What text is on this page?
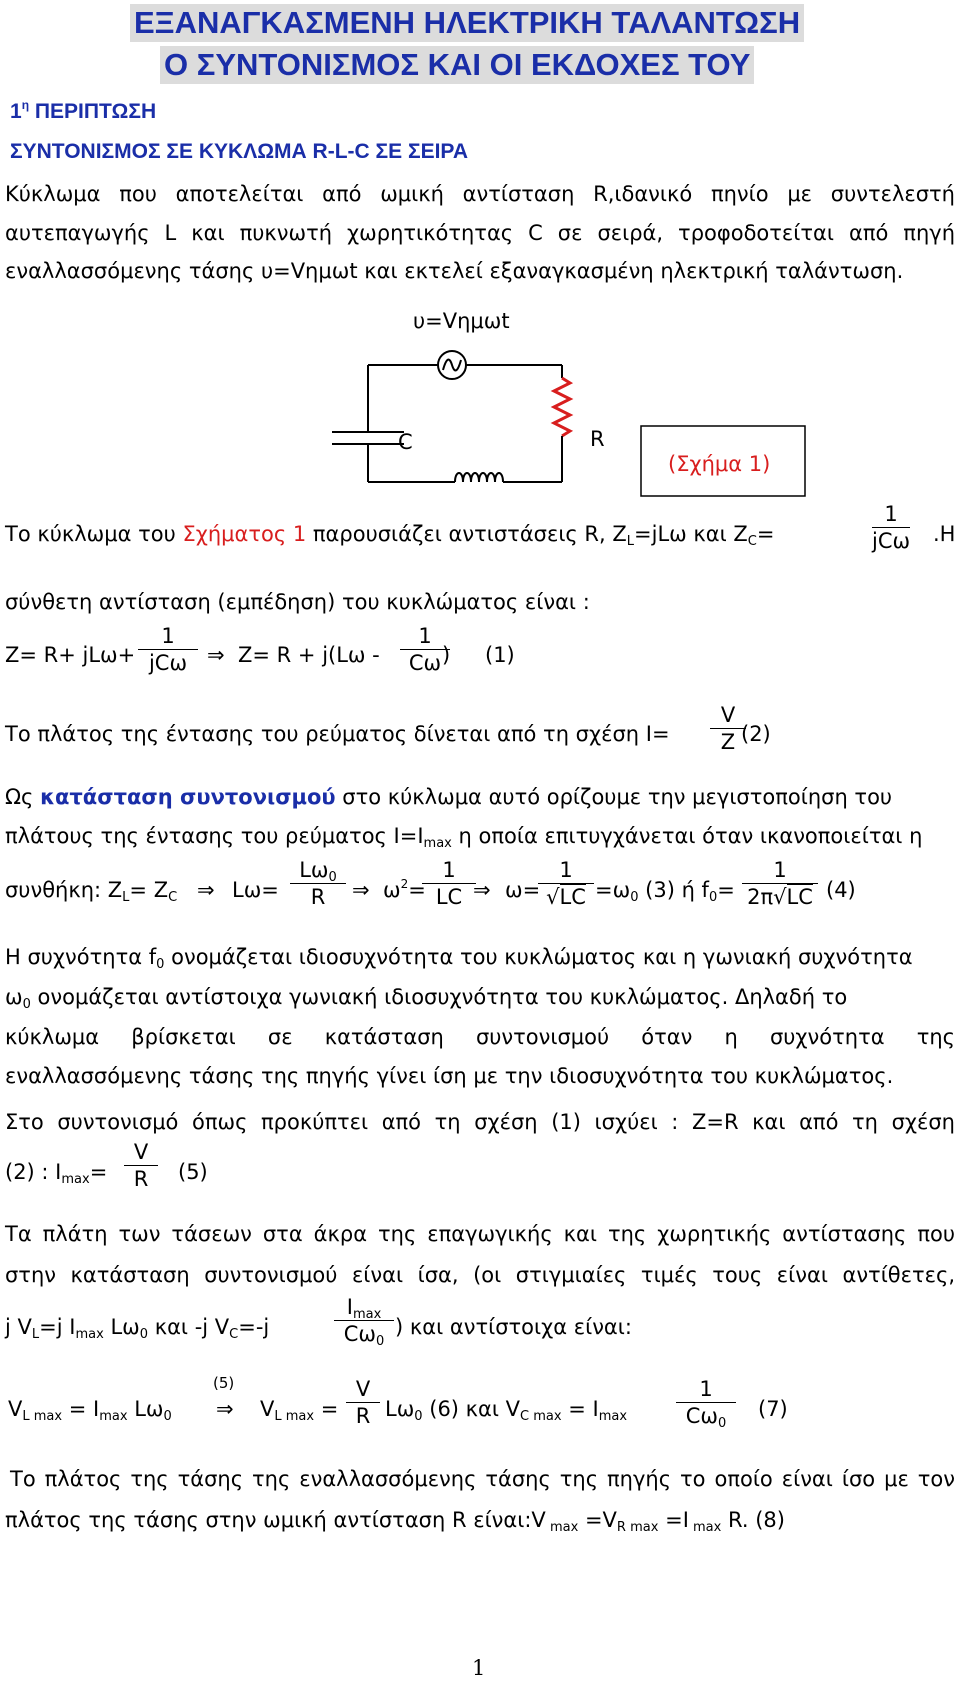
ΕΞΑΝΑΓΚΑΣΜΕΝΗ ΗΛΕΚΤΡΙΚΗ ΤΑΛΑΝΤΩΣΗ
Ο ΣΥΝΤΟΝΙΣΜΟΣ ΚΑΙ ΟΙ ΕΚΔΟΧΕΣ ΤΟΥ
$1^\eta$ ΠΕΡΙΠΤΩΣΗ
ΣΥΝΤΟΝΙΣΜΟΣ ΣΕ ΚΥΚΛΩΜΑ R-L-C ΣΕ ΣΕΙΡΑ
Κύκλωμα που αποτελείται από ωμική αντίσταση R,ιδανικό πηνίο με συντελεστή
αυτεπαγωγής L και πυκνωτή χωρητικότητας C σε σειρά, τροφοδοτείται από πηγή
εναλλασσόμενης τάσης υ=Vημωt και εκτελεί εξαναγκασμένη ηλεκτρική ταλάντωση.
υ=Vημωt
C	R
(Σχήμα 1)
Το κύκλωμα του Σχήματος 1 παρουσιάζει αντιστάσεις R, $Z_L=jL\omega$ και $Z_C=$
1
jCω .Η
σύνθετη αντίσταση (εμπέδηση) του κυκλώματος είναι :
Z= R+ jLω+
1
jCω ⇒ Z= R + j(Lω -
1
Cω ) (1)
Το πλάτος της έντασης του ρεύματος δίνεται από τη σχέση I=
V
Z (2)
Ως κατάσταση συντονισμού στο κύκλωμα αυτό ορίζουμε την μεγιστοποίηση του
πλάτους της έντασης του ρεύματος $I=I_{max}$ η οποία επιτυγχάνεται όταν ικανοποιείται η
συνθήκη: $Z_L= Z_C$ ⇒ Lω=
$L\omega_0$
R	⇒ $\omega^2=$
1
LC ⇒ ω=
1
$√LC =\omega_0$ (3) ή $f_0=$
1
2π√LC (4)
Η συχνότητα $f_0$ ονομάζεται ιδιοσυχνότητα του κυκλώματος και η γωνιακή συχνότητα
$\omega_0$ ονομάζεται αντίστοιχα γωνιακή ιδιοσυχνότητα του κυκλώματος. Δηλαδή το
κύκλωμα βρίσκεται σε κατάσταση συντονισμού όταν η συχνότητα της
εναλλασσόμενης τάσης της πηγής γίνει ίση με την ιδιοσυχνότητα του κυκλώματος.
Στο συντονισμό όπως προκύπτει από τη σχέση (1) ισχύει : Z=R και από τη σχέση
(2) : $I_{max}=$
V
R	(5)
Τα πλάτη των τάσεων στα άκρα της επαγωγικής και της χωρητικής αντίστασης που
στην κατάσταση συντονισμού είναι ίσα, (οι στιγμιαίες τιμές τους είναι αντίθετες,
j $V_L=j$ $I_{max}$ $L\omega_0$ και -j $V_C=-j$
$I_{max}$
$C\omega_0$
) και αντίστοιχα είναι:
(5)
$V_{L max} = I_{max}$ $L\omega_0$ ⇒ $V_{L max}$ =
V
R $L\omega_0$ (6) και $V_{C max} = I_{max}$
1
$C\omega_0$
(7)
Το πλάτος της τάσης της εναλλασσόμενης τάσης της πηγής το οποίο είναι ίσο με τον
πλάτος της τάσης στην ωμική αντίσταση R είναι:V $_{max} =V_{R max} =I$ $_{max}$ R. (8)
1
